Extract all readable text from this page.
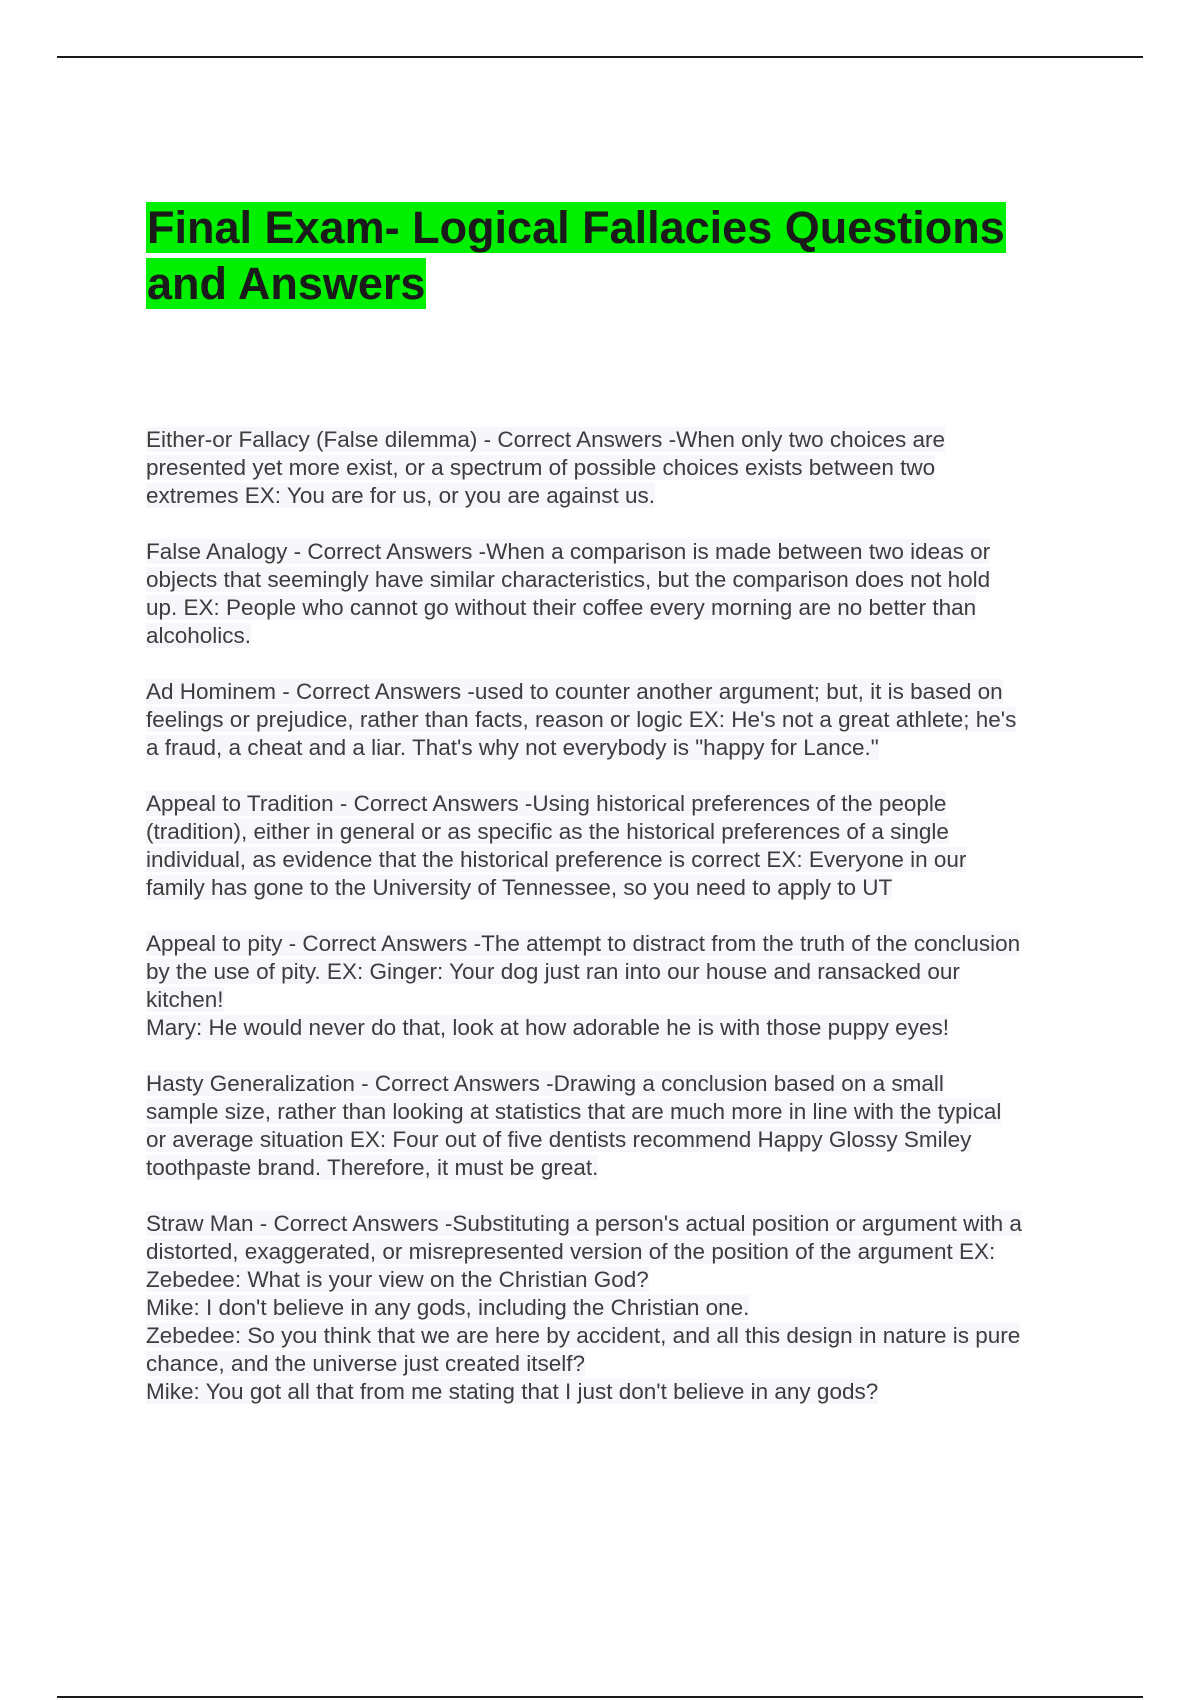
Final Exam- Logical Fallacies Questions
and Answers

Either-or Fallacy (False dilemma) - Correct Answers -When only two choices are
presented yet more exist, or a spectrum of possible choices exists between two
extremes EX: You are for us, or you are against us.

False Analogy - Correct Answers -When a comparison is made between two ideas or
objects that seemingly have similar characteristics, but the comparison does not hold
up. EX: People who cannot go without their coffee every morning are no better than
alcoholics.

Ad Hominem - Correct Answers -used to counter another argument; but, it is based on
feelings or prejudice, rather than facts, reason or logic EX: He's not a great athlete; he's
a fraud, a cheat and a liar. That's why not everybody is "happy for Lance."

Appeal to Tradition - Correct Answers -Using historical preferences of the people
(tradition), either in general or as specific as the historical preferences of a single
individual, as evidence that the historical preference is correct EX: Everyone in our
family has gone to the University of Tennessee, so you need to apply to UT

Appeal to pity - Correct Answers -The attempt to distract from the truth of the conclusion
by the use of pity. EX: Ginger: Your dog just ran into our house and ransacked our
kitchen!
Mary: He would never do that, look at how adorable he is with those puppy eyes!

Hasty Generalization - Correct Answers -Drawing a conclusion based on a small
sample size, rather than looking at statistics that are much more in line with the typical
or average situation EX: Four out of five dentists recommend Happy Glossy Smiley
toothpaste brand. Therefore, it must be great.

Straw Man - Correct Answers -Substituting a person's actual position or argument with a
distorted, exaggerated, or misrepresented version of the position of the argument EX:
Zebedee: What is your view on the Christian God?
Mike: I don't believe in any gods, including the Christian one.
Zebedee: So you think that we are here by accident, and all this design in nature is pure
chance, and the universe just created itself?
Mike: You got all that from me stating that I just don't believe in any gods?
